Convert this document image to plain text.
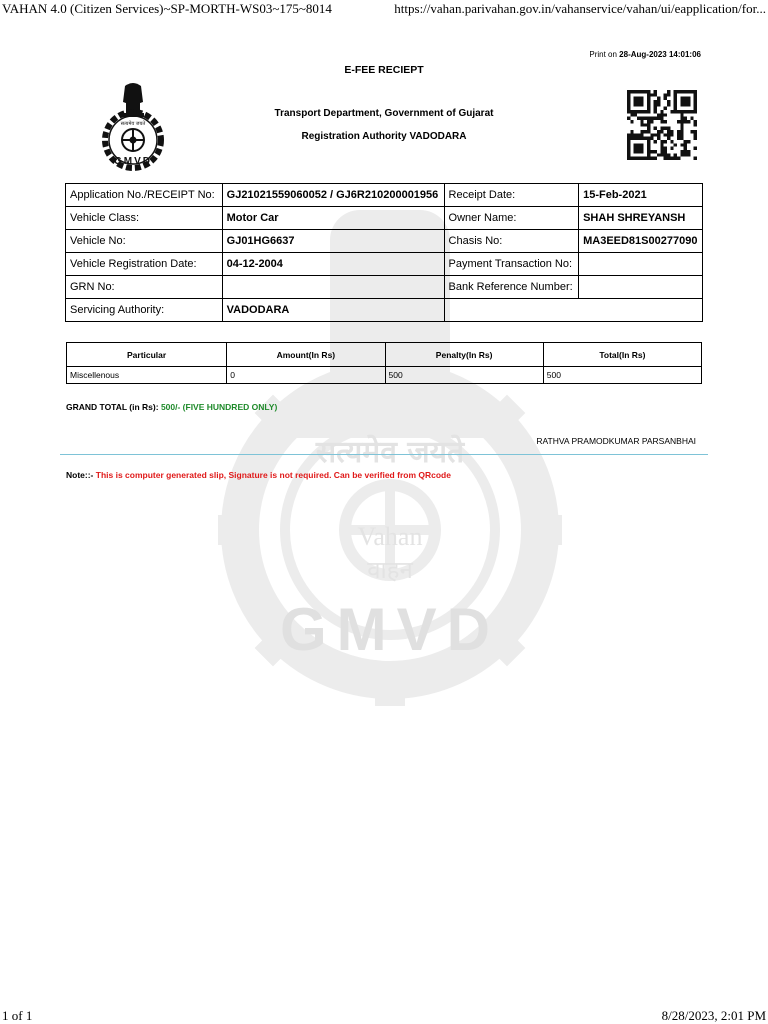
VAHAN 4.0 (Citizen Services)~SP-MORTH-WS03~175~8014	https://vahan.parivahan.gov.in/vahanservice/vahan/ui/eapplication/for...
1 of 1	8/28/2023, 2:01 PM
सत्यमेव जयते
Vahan
वाहन
GMVD
Print on 28-Aug-2023 14:01:06
E-FEE RECIEPT
Transport Department, Government of Gujarat
Registration Authority VADODARA
सत्यमेव जयते
GMVD
Application No./RECEIPT No:	GJ21021559060052 / GJ6R210200001956	Receipt Date:	15-Feb-2021
Vehicle Class:	Motor Car	Owner Name:	SHAH SHREYANSH
Vehicle No:	GJ01HG6637	Chasis No:	MA3EED81S00277090
Vehicle Registration Date:	04-12-2004	Payment Transaction No:	
GRN No:		Bank Reference Number:	
Servicing Authority:	VADODARA		
Particular	Amount(In Rs)	Penalty(In Rs)	Total(In Rs)
Miscellenous	0	500	500
GRAND TOTAL (in Rs): 500/- (FIVE HUNDRED ONLY)
RATHVA PRAMODKUMAR PARSANBHAI
Note::- This is computer generated slip, Signature is not required. Can be verified from QRcode
